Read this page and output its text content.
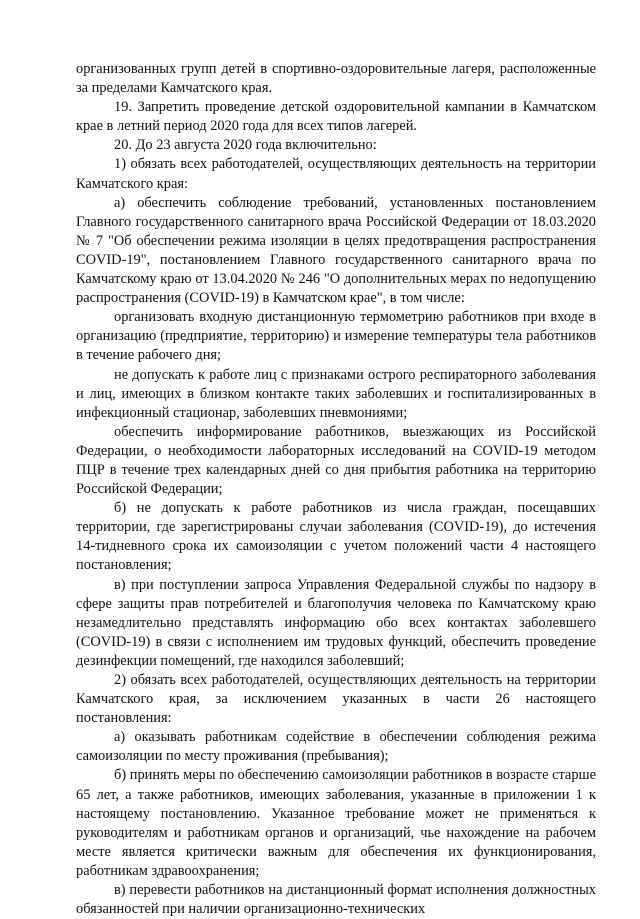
организованных групп детей в спортивно-оздоровительные лагеря, расположенные за пределами Камчатского края.

19. Запретить проведение детской оздоровительной кампании в Камчатском крае в летний период 2020 года для всех типов лагерей.

20. До 23 августа 2020 года включительно:

1) обязать всех работодателей, осуществляющих деятельность на территории Камчатского края:

а) обеспечить соблюдение требований, установленных постановлением Главного государственного санитарного врача Российской Федерации от 18.03.2020 № 7 "Об обеспечении режима изоляции в целях предотвращения распространения COVID-19", постановлением Главного государственного санитарного врача по Камчатскому краю от 13.04.2020 № 246 "О дополнительных мерах по недопущению распространения (COVID-19) в Камчатском крае", в том числе:

организовать входную дистанционную термометрию работников при входе в организацию (предприятие, территорию) и измерение температуры тела работников в течение рабочего дня;

не допускать к работе лиц с признаками острого респираторного заболевания и лиц, имеющих в близком контакте таких заболевших и госпитализированных в инфекционный стационар, заболевших пневмониями;

обеспечить информирование работников, выезжающих из Российской Федерации, о необходимости лабораторных исследований на COVID-19 методом ПЦР в течение трех календарных дней со дня прибытия работника на территорию Российской Федерации;

б) не допускать к работе работников из числа граждан, посещавших территории, где зарегистрированы случаи заболевания (COVID-19), до истечения 14-тидневного срока их самоизоляции с учетом положений части 4 настоящего постановления;

в) при поступлении запроса Управления Федеральной службы по надзору в сфере защиты прав потребителей и благополучия человека по Камчатскому краю незамедлительно представлять информацию обо всех контактах заболевшего (COVID-19) в связи с исполнением им трудовых функций, обеспечить проведение дезинфекции помещений, где находился заболевший;

2) обязать всех работодателей, осуществляющих деятельность на территории Камчатского края, за исключением указанных в части 26 настоящего постановления:

а) оказывать работникам содействие в обеспечении соблюдения режима самоизоляции по месту проживания (пребывания);

б) принять меры по обеспечению самоизоляции работников в возрасте старше 65 лет, а также работников, имеющих заболевания, указанные в приложении 1 к настоящему постановлению. Указанное требование может не применяться к руководителям и работникам органов и организаций, чье нахождение на рабочем месте является критически важным для обеспечения их функционирования, работникам здравоохранения;

в) перевести работников на дистанционный формат исполнения должностных обязанностей при наличии организационно-технических
